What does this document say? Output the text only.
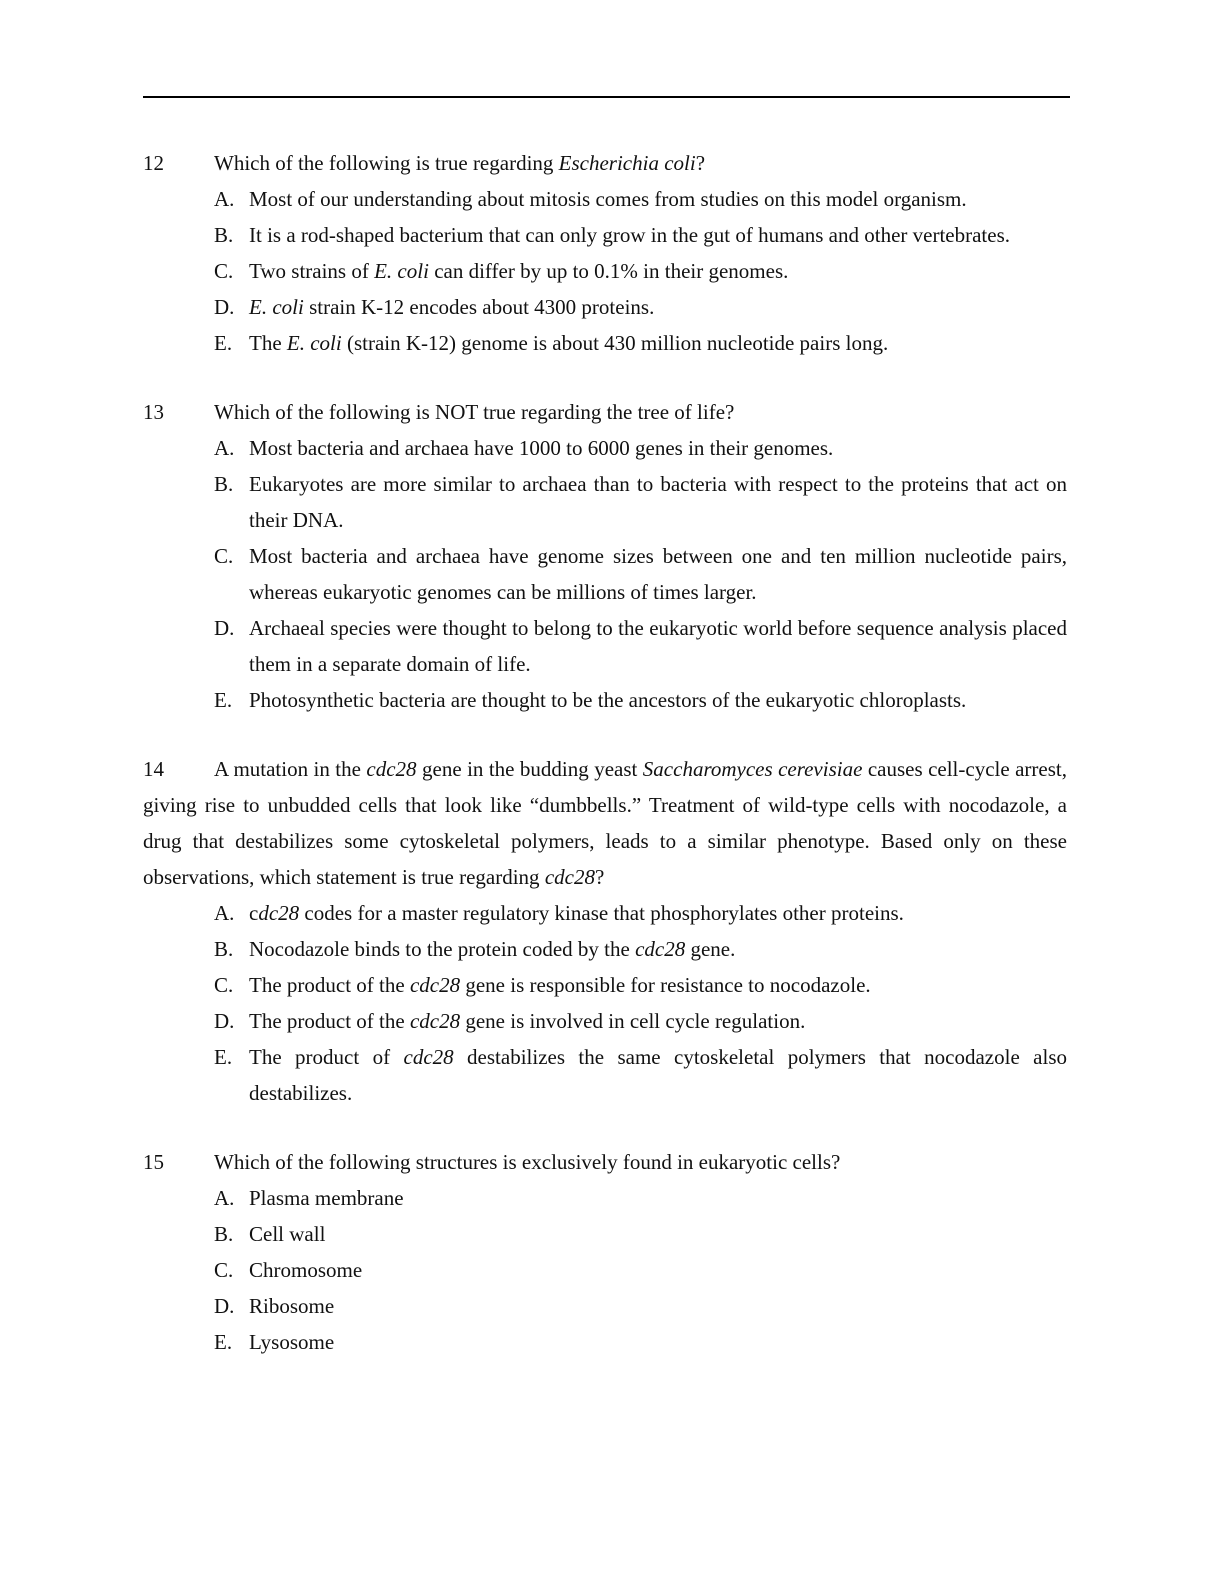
12	Which of the following is true regarding Escherichia coli?
A. Most of our understanding about mitosis comes from studies on this model organism.
B. It is a rod-shaped bacterium that can only grow in the gut of humans and other vertebrates.
C. Two strains of E. coli can differ by up to 0.1% in their genomes.
D. E. coli strain K-12 encodes about 4300 proteins.
E. The E. coli (strain K-12) genome is about 430 million nucleotide pairs long.
13	Which of the following is NOT true regarding the tree of life?
A. Most bacteria and archaea have 1000 to 6000 genes in their genomes.
B. Eukaryotes are more similar to archaea than to bacteria with respect to the proteins that act on their DNA.
C. Most bacteria and archaea have genome sizes between one and ten million nucleotide pairs, whereas eukaryotic genomes can be millions of times larger.
D. Archaeal species were thought to belong to the eukaryotic world before sequence analysis placed them in a separate domain of life.
E. Photosynthetic bacteria are thought to be the ancestors of the eukaryotic chloroplasts.
14 A mutation in the cdc28 gene in the budding yeast Saccharomyces cerevisiae causes cell-cycle arrest, giving rise to unbudded cells that look like “dumbbells.” Treatment of wild-type cells with nocodazole, a drug that destabilizes some cytoskeletal polymers, leads to a similar phenotype. Based only on these observations, which statement is true regarding cdc28?
A. cdc28 codes for a master regulatory kinase that phosphorylates other proteins.
B. Nocodazole binds to the protein coded by the cdc28 gene.
C. The product of the cdc28 gene is responsible for resistance to nocodazole.
D. The product of the cdc28 gene is involved in cell cycle regulation.
E. The product of cdc28 destabilizes the same cytoskeletal polymers that nocodazole also destabilizes.
15	Which of the following structures is exclusively found in eukaryotic cells?
A. Plasma membrane
B. Cell wall
C. Chromosome
D. Ribosome
E. Lysosome
